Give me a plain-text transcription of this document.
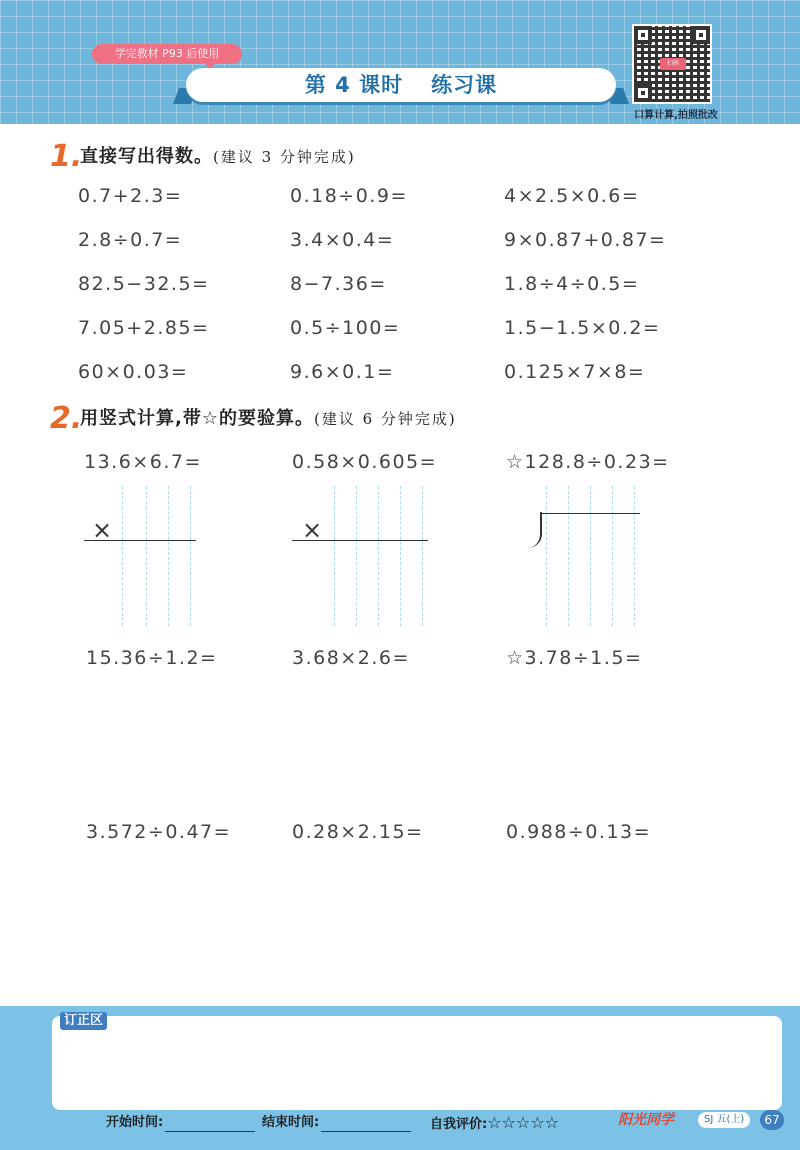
学完教材 P93 后使用
第 4 课时 练习课
扫码
口算计算,拍照批改
1.
直接写出得数。(建议 3 分钟完成)
0.7+2.3=	0.18÷0.9=	4×2.5×0.6=
2.8÷0.7=	3.4×0.4=	9×0.87+0.87=
82.5−32.5=	8−7.36=	1.8÷4÷0.5=
7.05+2.85=	0.5÷100=	1.5−1.5×0.2=
60×0.03=	9.6×0.1=	0.125×7×8=
2.
用竖式计算,带☆的要验算。(建议 6 分钟完成)
13.6×6.7=	0.58×0.605=	☆128.8÷0.23=
×	×
15.36÷1.2=	3.68×2.6=	☆3.78÷1.5=
3.572÷0.47=	0.28×2.15=	0.988÷0.13=
订正区
开始时间:	结束时间:	自我评价:☆☆☆☆☆	阳光同学	SJ 五(上)	67
